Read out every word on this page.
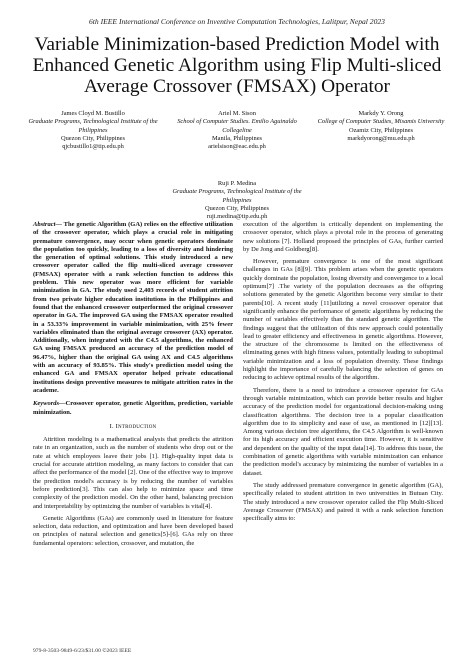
6th IEEE International Conference on Inventive Computation Technologies, Lalitpur, Nepal 2023
Variable Minimization-based Prediction Model with Enhanced Genetic Algorithm using Flip Multi-sliced Average Crossover (FMSAX) Operator
James Cloyd M. Bustillo
Graduate Programs, Technological Institute of the Philippines
Quezon City, Philippines
qjcbustillo1@tip.edu.ph
Ariel M. Sison
School of Computer Studies. Emilio Aguinaldo Collegeline
Manila, Philippines
arielsison@eac.edu.ph
Markdy Y. Orong
College of Computer Studies, Misamis University
Ozamiz City, Philippines
markdyorong@mu.edu.ph
Ruji P. Medina
Graduate Programs, Technological Institute of the Philippines
Quezon City, Philippines
ruji.medina@tip.edu.ph
Abstract— The genetic Algorithm (GA) relies on the effective utilization of the crossover operator, which plays a crucial role in mitigating premature convergence, may occur when genetic operators dominate the population too quickly, leading to a loss of diversity and hindering the generation of optimal solutions. This study introduced a new crossover operator called the flip multi-sliced average crossover (FMSAX) operator with a rank selection function to address this problem. This new operator was more efficient for variable minimization in GA. The study used 2,403 records of student attrition from two private higher education institutions in the Philippines and found that the enhanced crossover outperformed the original crossover operator in GA. The improved GA using the FMSAX operator resulted in a 53.33% improvement in variable minimization, with 25% fewer variables eliminated than the original average crossover (AX) operator. Additionally, when integrated with the C4.5 algorithms, the enhanced GA using FMSAX produced an accuracy of the prediction model of 96.47%, higher than the original GA using AX and C4.5 algorithms with an accuracy of 93.85%. This study's prediction model using the enhanced GA and FMSAX operator helped private educational institutions design preventive measures to mitigate attrition rates in the academe.
Keywords—Crossover operator, genetic Algorithm, prediction, variable minimization.
I. Introduction

Attrition modeling is a mathematical analysis that predicts the attrition rate in an organization, such as the number of students who drop out or the rate at which employees leave their jobs [1]. High-quality input data is crucial for accurate attrition modeling, as many factors to consider that can affect the performance of the model [2]. One of the effective way to improve the prediction model's accuracy is by reducing the number of variables before prediction[3]. This can also help to minimize space and time complexity of the prediction model. On the other hand, balancing precision and interpretability by optimizing the number of variables is vital[4].

Genetic Algorithms (GAs) are commonly used in literature for feature selection, data reduction, and optimization and have been developed based on principles of natural selection and genetics[5]-[6]. GAs rely on three fundamental operators: selection, crossover, and mutation, the

execution of the algorithm is critically dependent on implementing the crossover operator, which plays a pivotal role in the process of generating new solutions [7]. Holland proposed the principles of GAs, further carried by De Jong and Goldberg[8].

However, premature convergence is one of the most significant challenges in GAs [8][9]. This problem arises when the genetic operators quickly dominate the population, losing diversity and convergence to a local optimum[7] .The variety of the population decreases as the offspring solutions generated by the genetic Algorithm become very similar to their parents[10]. A recent study [11]utilizing a novel crossover operator that significantly enhance the performance of genetic algorithms by reducing the number of variables effectively than the standard genetic algorithm. The findings suggest that the utilization of this new approach could potentially lead to greater efficiency and effectiveness in genetic algorithms. However, the structure of the chromosome is limited on the effectiveness of eliminating genes with high fitness values, potentially leading to suboptimal variable minimization and a loss of population diversity. These findings highlight the importance of carefully balancing the selection of genes on reducing to achieve optimal results of the algorithm.

Therefore, there is a need to introduce a crossover operator for GAs through variable minimization, which can provide better results and higher accuracy of the prediction model for organizational decision-making using classification algorithms. The decision tree is a popular classification algorithm due to its simplicity and ease of use, as mentioned in [12][13]. Among various decision tree algorithms, the C4.5 Algorithm is well-known for its high accuracy and efficient execution time. However, it is sensitive and dependent on the quality of the input data[14]. To address this issue, the combination of genetic algorithms with variable minimization can enhance the prediction model's accuracy by minimizing the number of variables in a dataset.

The study addressed premature convergence in genetic algorithm (GA), specifically related to student attrition in two universities in Butuan City. The study introduced a new crossover operator called the Flip Multi-Sliced Average Crossover (FMSAX) and paired it with a rank selection function specifically aims to:

979-8-3503-9849-6/23/$31.00 ©2023 IEEE
